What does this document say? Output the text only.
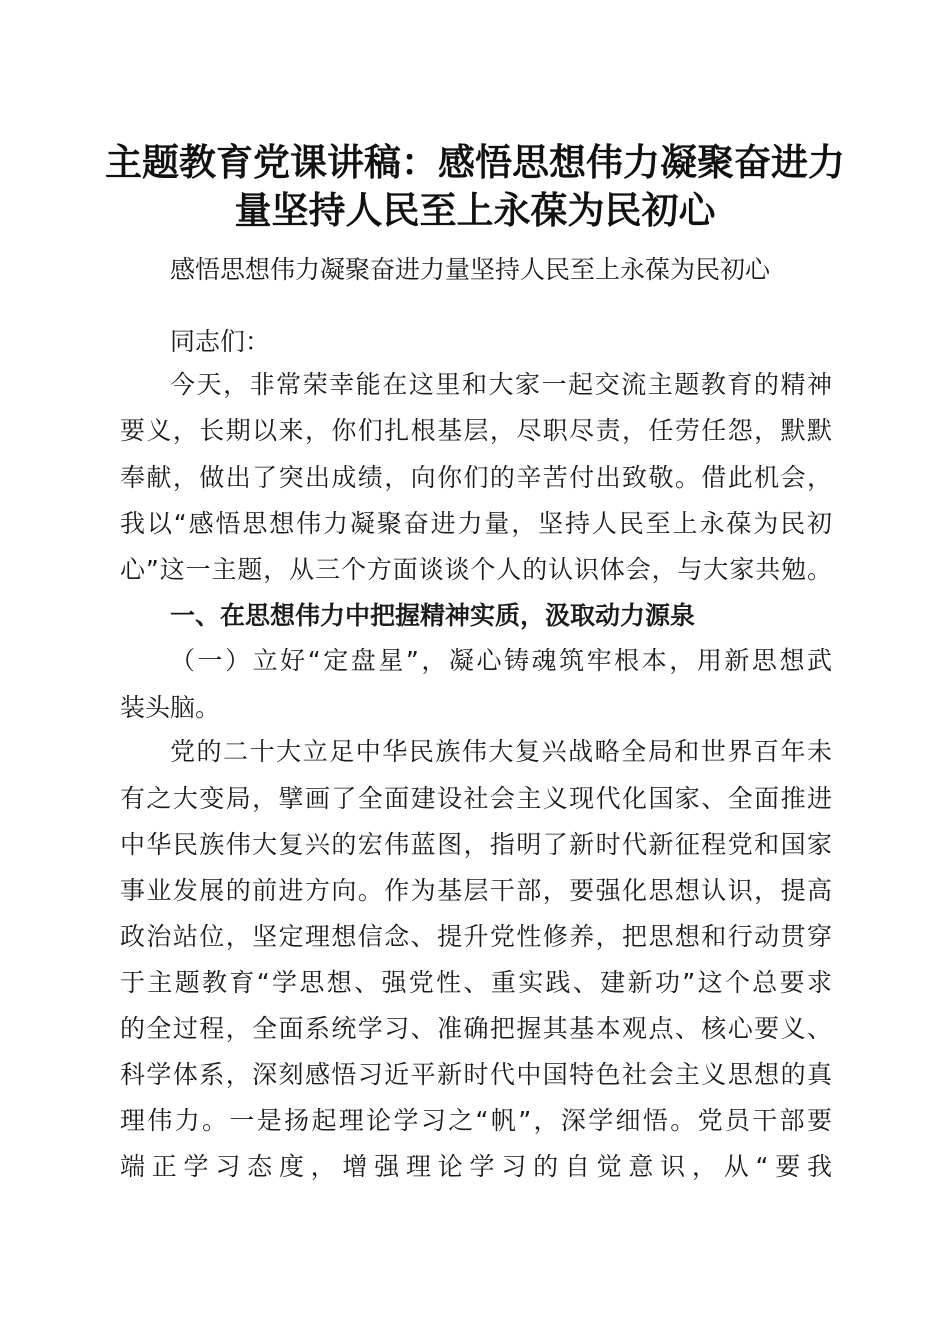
主题教育党课讲稿：感悟思想伟力凝聚奋进力
量坚持人民至上永葆为民初心
感悟思想伟力凝聚奋进力量坚持人民至上永葆为民初心
同志们：
今天，非常荣幸能在这里和大家一起交流主题教育的精神
要义，长期以来，你们扎根基层，尽职尽责，任劳任怨，默默
奉献，做出了突出成绩，向你们的辛苦付出致敬。借此机会，
我以“感悟思想伟力凝聚奋进力量，坚持人民至上永葆为民初
心”这一主题，从三个方面谈谈个人的认识体会，与大家共勉。
一、在思想伟力中把握精神实质，汲取动力源泉
（一）立好“定盘星”，凝心铸魂筑牢根本，用新思想武
装头脑。
党的二十大立足中华民族伟大复兴战略全局和世界百年未
有之大变局，擘画了全面建设社会主义现代化国家、全面推进
中华民族伟大复兴的宏伟蓝图，指明了新时代新征程党和国家
事业发展的前进方向。作为基层干部，要强化思想认识，提高
政治站位，坚定理想信念、提升党性修养，把思想和行动贯穿
于主题教育“学思想、强党性、重实践、建新功”这个总要求
的全过程，全面系统学习、准确把握其基本观点、核心要义、
科学体系，深刻感悟习近平新时代中国特色社会主义思想的真
理伟力。一是扬起理论学习之“帆”，深学细悟。党员干部要
端正学习态度，增强理论学习的自觉意识，从“要我
